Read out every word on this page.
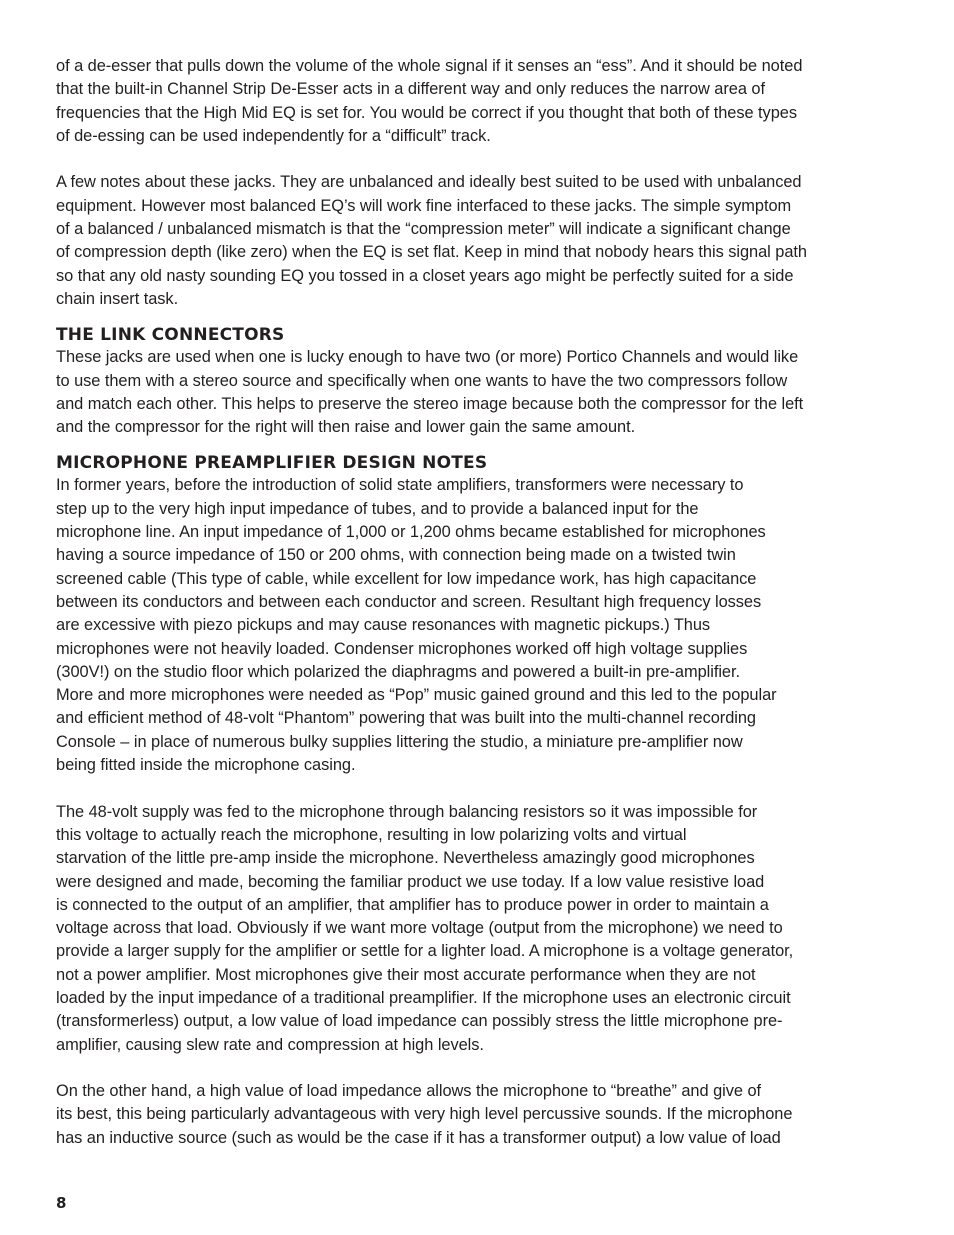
of a de-esser that pulls down the volume of the whole signal if it senses an “ess”. And it should be noted
that the built-in Channel Strip De-Esser acts in a different way and only reduces the narrow area of
frequencies that the High Mid EQ is set for. You would be correct if you thought that both of these types
of de-essing can be used independently for a “difficult” track.

A few notes about these jacks. They are unbalanced and ideally best suited to be used with unbalanced
equipment. However most balanced EQ’s will work fine interfaced to these jacks. The simple symptom
of a balanced / unbalanced mismatch is that the “compression meter” will indicate a significant change
of compression depth (like zero) when the EQ is set flat. Keep in mind that nobody hears this signal path
so that any old nasty sounding EQ you tossed in a closet years ago might be perfectly suited for a side
chain insert task.

THE LINK CONNECTORS

These jacks are used when one is lucky enough to have two (or more) Portico Channels and would like
to use them with a stereo source and specifically when one wants to have the two compressors follow
and match each other. This helps to preserve the stereo image because both the compressor for the left
and the compressor for the right will then raise and lower gain the same amount.

MICROPHONE PREAMPLIFIER DESIGN NOTES

In former years, before the introduction of solid state amplifiers, transformers were necessary to
step up to the very high input impedance of tubes, and to provide a balanced input for the
microphone line. An input impedance of 1,000 or 1,200 ohms became established for microphones
having a source impedance of 150 or 200 ohms, with connection being made on a twisted twin
screened cable (This type of cable, while excellent for low impedance work, has high capacitance
between its conductors and between each conductor and screen. Resultant high frequency losses
are excessive with piezo pickups and may cause resonances with magnetic pickups.) Thus
microphones were not heavily loaded. Condenser microphones worked off high voltage supplies
(300V!) on the studio floor which polarized the diaphragms and powered a built-in pre-amplifier.
More and more microphones were needed as “Pop” music gained ground and this led to the popular
and efficient method of 48-volt “Phantom” powering that was built into the multi-channel recording
Console – in place of numerous bulky supplies littering the studio, a miniature pre-amplifier now
being fitted inside the microphone casing.

The 48-volt supply was fed to the microphone through balancing resistors so it was impossible for
this voltage to actually reach the microphone, resulting in low polarizing volts and virtual
starvation of the little pre-amp inside the microphone. Nevertheless amazingly good microphones
were designed and made, becoming the familiar product we use today. If a low value resistive load
is connected to the output of an amplifier, that amplifier has to produce power in order to maintain a
voltage across that load. Obviously if we want more voltage (output from the microphone) we need to
provide a larger supply for the amplifier or settle for a lighter load. A microphone is a voltage generator,
not a power amplifier. Most microphones give their most accurate performance when they are not
loaded by the input impedance of a traditional preamplifier. If the microphone uses an electronic circuit
(transformerless) output, a low value of load impedance can possibly stress the little microphone pre-
amplifier, causing slew rate and compression at high levels.

On the other hand, a high value of load impedance allows the microphone to “breathe” and give of
its best, this being particularly advantageous with very high level percussive sounds. If the microphone
has an inductive source (such as would be the case if it has a transformer output) a low value of load

8
